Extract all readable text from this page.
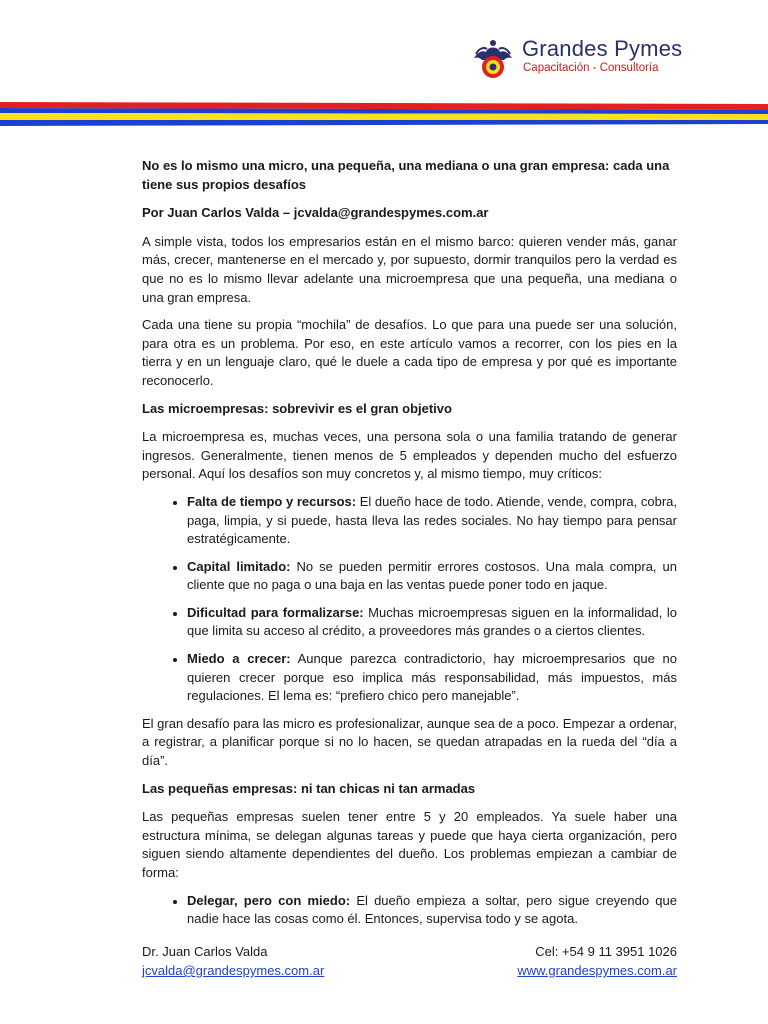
Grandes Pymes
Capacitación - Consultoría
No es lo mismo una micro, una pequeña, una mediana o una gran empresa: cada una tiene sus propios desafíos
Por Juan Carlos Valda – jcvalda@grandespymes.com.ar

A simple vista, todos los empresarios están en el mismo barco: quieren vender más, ganar más, crecer, mantenerse en el mercado y, por supuesto, dormir tranquilos pero la verdad es que no es lo mismo llevar adelante una microempresa que una pequeña, una mediana o una gran empresa.

Cada una tiene su propia “mochila” de desafíos. Lo que para una puede ser una solución, para otra es un problema. Por eso, en este artículo vamos a recorrer, con los pies en la tierra y en un lenguaje claro, qué le duele a cada tipo de empresa y por qué es importante reconocerlo.

Las microempresas: sobrevivir es el gran objetivo

La microempresa es, muchas veces, una persona sola o una familia tratando de generar ingresos. Generalmente, tienen menos de 5 empleados y dependen mucho del esfuerzo personal. Aquí los desafíos son muy concretos y, al mismo tiempo, muy críticos:

• Falta de tiempo y recursos: El dueño hace de todo. Atiende, vende, compra, cobra, paga, limpia, y si puede, hasta lleva las redes sociales. No hay tiempo para pensar estratégicamente.
• Capital limitado: No se pueden permitir errores costosos. Una mala compra, un cliente que no paga o una baja en las ventas puede poner todo en jaque.
• Dificultad para formalizarse: Muchas microempresas siguen en la informalidad, lo que limita su acceso al crédito, a proveedores más grandes o a ciertos clientes.
• Miedo a crecer: Aunque parezca contradictorio, hay microempresarios que no quieren crecer porque eso implica más responsabilidad, más impuestos, más regulaciones. El lema es: “prefiero chico pero manejable”.

El gran desafío para las micro es profesionalizar, aunque sea de a poco. Empezar a ordenar, a registrar, a planificar porque si no lo hacen, se quedan atrapadas en la rueda del “día a día”.

Las pequeñas empresas: ni tan chicas ni tan armadas

Las pequeñas empresas suelen tener entre 5 y 20 empleados. Ya suele haber una estructura mínima, se delegan algunas tareas y puede que haya cierta organización, pero siguen siendo altamente dependientes del dueño. Los problemas empiezan a cambiar de forma:

• Delegar, pero con miedo: El dueño empieza a soltar, pero sigue creyendo que nadie hace las cosas como él. Entonces, supervisa todo y se agota.
Dr. Juan Carlos Valda
jcvalda@grandespymes.com.ar
Cel: +54 9 11 3951 1026
www.grandespymes.com.ar
